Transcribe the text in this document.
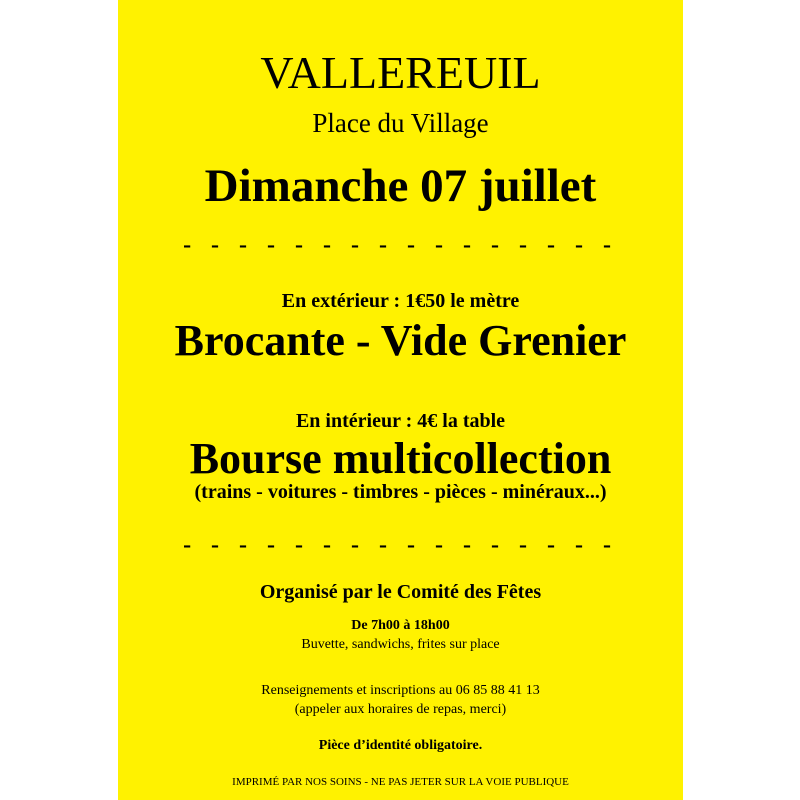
VALLEREUIL
Place du Village
Dimanche 07 juillet
- - - - - - - - - - - - - - - -
En extérieur : 1€50 le mètre
Brocante - Vide Grenier
En intérieur : 4€ la table
Bourse multicollection
(trains - voitures - timbres - pièces - minéraux...)
- - - - - - - - - - - - - - - -
Organisé par le Comité des Fêtes
De 7h00 à 18h00
Buvette, sandwichs, frites sur place
Renseignements et inscriptions au 06 85 88 41 13
(appeler aux horaires de repas, merci)
Pièce d’identité obligatoire.
IMPRIMÉ PAR NOS SOINS - NE PAS JETER SUR LA VOIE PUBLIQUE
